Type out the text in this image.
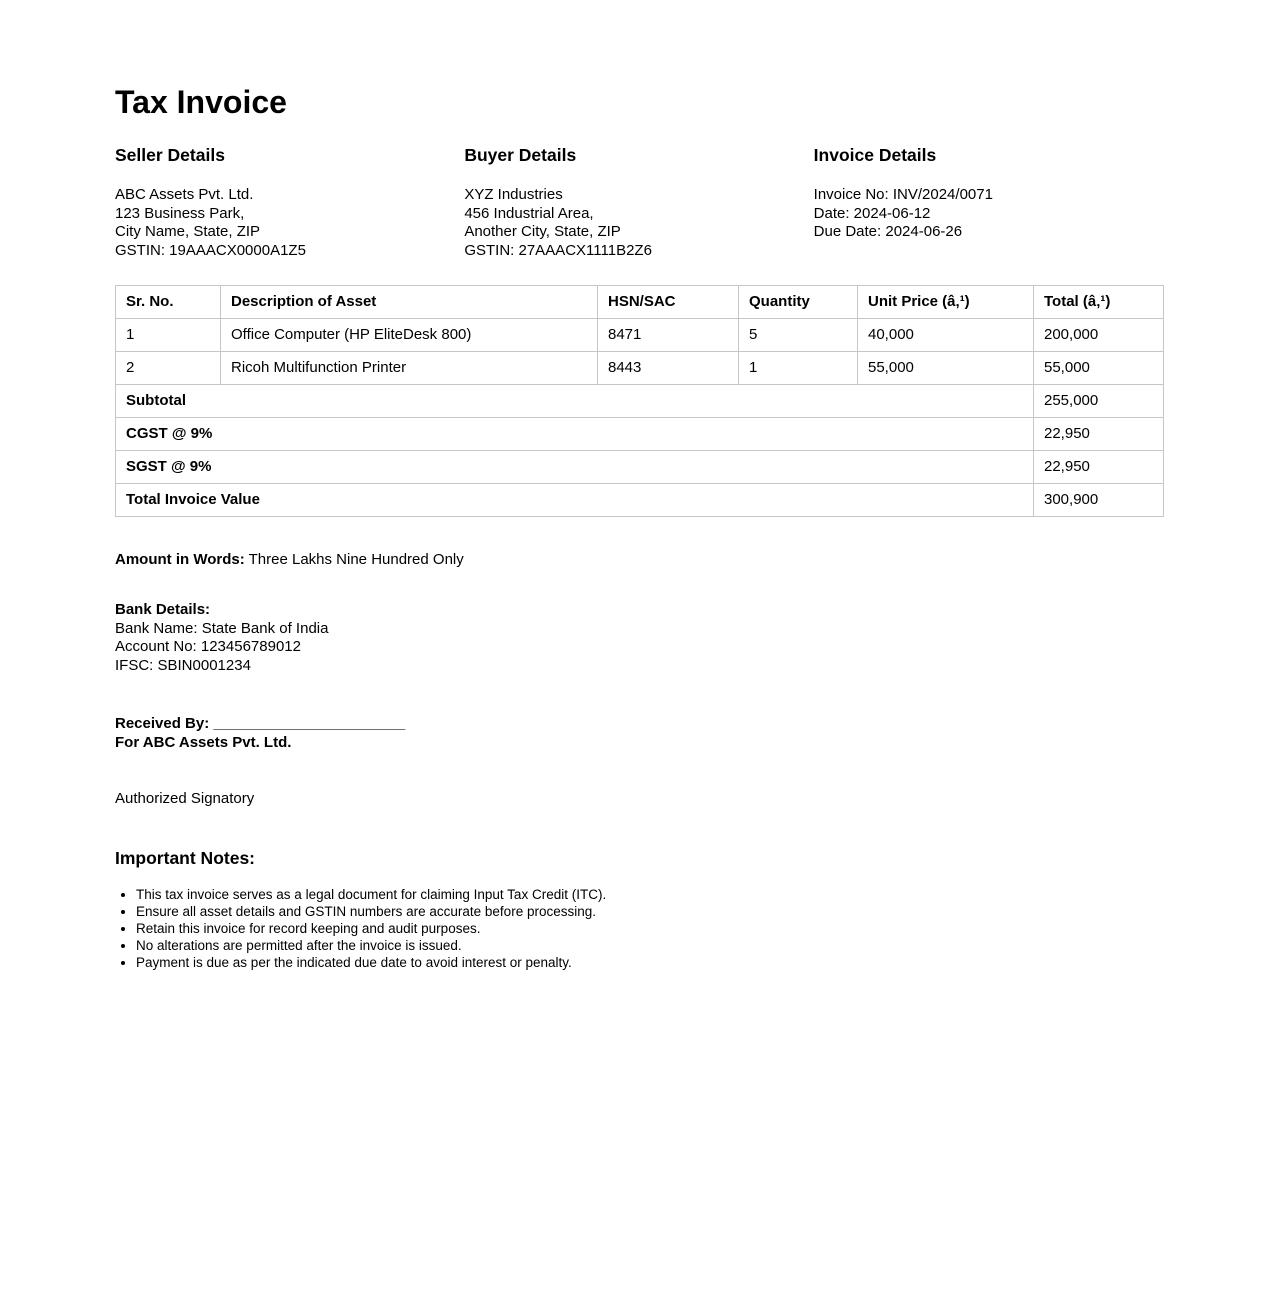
Tax Invoice
Seller Details

ABC Assets Pvt. Ltd.
123 Business Park,
City Name, State, ZIP
GSTIN: 19AAACX0000A1Z5

Buyer Details

XYZ Industries
456 Industrial Area,
Another City, State, ZIP
GSTIN: 27AAACX1111B2Z6

Invoice Details

Invoice No: INV/2024/0071
Date: 2024-06-12
Due Date: 2024-06-26

Sr. No.	Description of Asset	HSN/SAC	Quantity	Unit Price (â‚¹)	Total (â‚¹)
1	Office Computer (HP EliteDesk 800)	8471	5	40,000	200,000
2	Ricoh Multifunction Printer	8443	1	55,000	55,000
Subtotal					255,000
CGST @ 9%					22,950
SGST @ 9%					22,950
Total Invoice Value					300,900

Amount in Words: Three Lakhs Nine Hundred Only

Bank Details:
Bank Name: State Bank of India
Account No: 123456789012
IFSC: SBIN0001234
Received By: _______________________
For ABC Assets Pvt. Ltd.

Authorized Signatory

Important Notes:
• This tax invoice serves as a legal document for claiming Input Tax Credit (ITC).
• Ensure all asset details and GSTIN numbers are accurate before processing.
• Retain this invoice for record keeping and audit purposes.
• No alterations are permitted after the invoice is issued.
• Payment is due as per the indicated due date to avoid interest or penalty.
